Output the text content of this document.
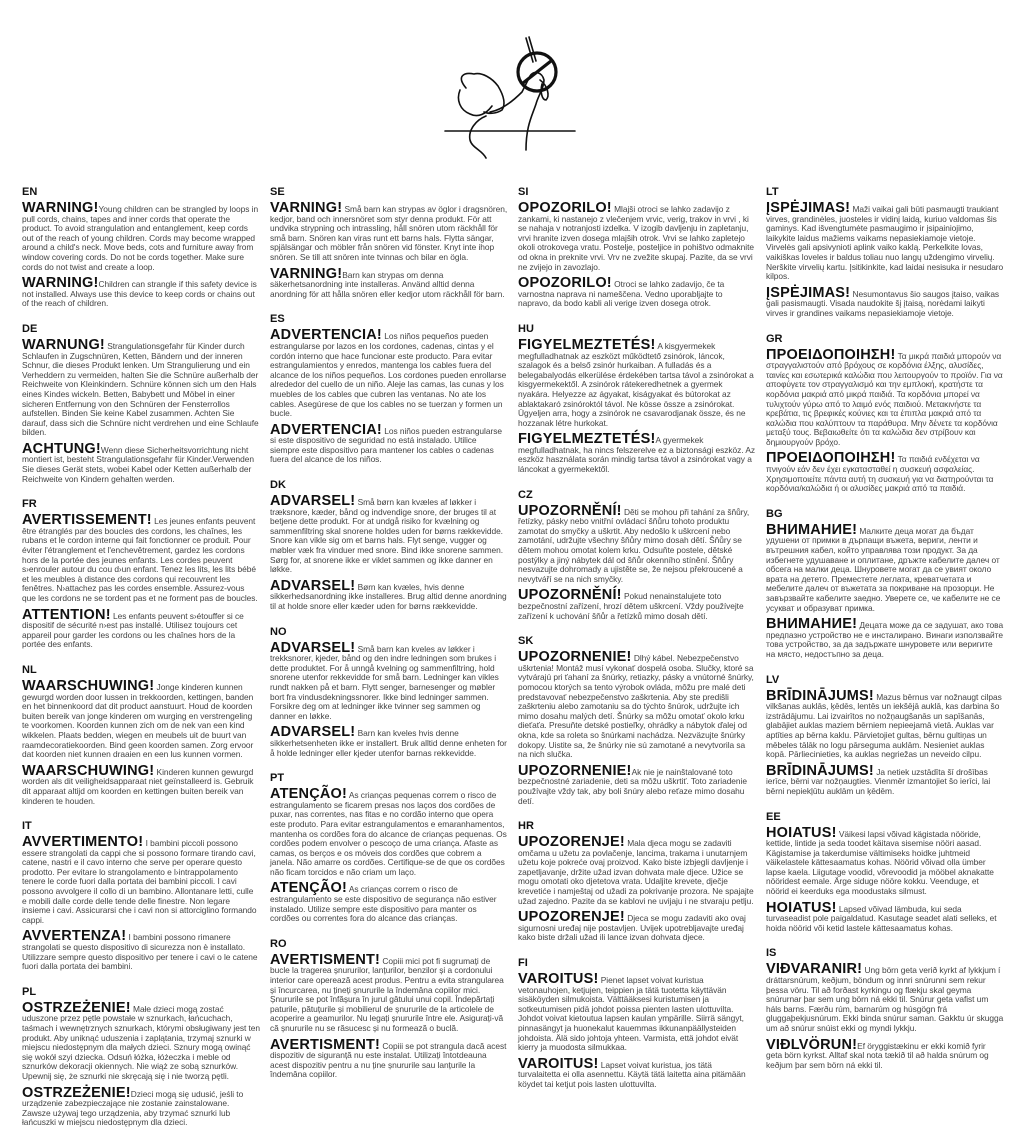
EN

WARNING!Young children can be strangled by loops in pull cords, chains, tapes and inner cords that operate the product. To avoid strangulation and entanglement, keep cords out of the reach of young children. Cords may become wrapped around a child's neck. Move beds, cots and furniture away from window covering cords. Do not be cords together. Make sure cords do not twist and create a loop.

WARNING!Children can strangle if this safety device is not installed. Always use this device to keep cords or chains out of the reach of children.

DE

WARNUNG! Strangulationsgefahr für Kinder durch Schlaufen in Zugschnüren, Ketten, Bändern und der inneren Schnur, die dieses Produkt lenken. Um Strangulierung und ein Verheddern zu vermeiden, halten Sie die Schnüre außerhalb der Reichweite von Kleinkindern. Schnüre können sich um den Hals eines Kindes wickeln. Betten, Babybett und Möbel in einer sicheren Entfernung von den Schnüren der Fensterrollos aufstellen. Binden Sie keine Kabel zusammen. Achten Sie darauf, dass sich die Schnüre nicht verdrehen und eine Schlaufe bilden.

ACHTUNG!Wenn diese Sicherheitsvorrichtung nicht montiert ist, besteht Strangulationsgefahr für Kinder.Verwenden Sie dieses Gerät stets, wobei Kabel oder Ketten außerhalb der Reichweite von Kindern gehalten werden.

FR

AVERTISSEMENT! Les jeunes enfants peuvent être étranglés par des boucles des cordons, les chaînes, les rubans et le cordon interne qui fait fonctionner ce produit. Pour éviter l'étranglement et l'enchevêtrement, gardez les cordons hors de la portée des jeunes enfants. Les cordes peuvent s›enrouler autour du cou d›un enfant. Tenez les lits, les lits bébé et les meubles à distance des cordons qui recouvrent les fenêtres. N›attachez pas les cordes ensemble. Assurez-vous que les cordons ne se tordent pas et ne forment pas de boucles.

ATTENTION! Les enfants peuvent s›étouffer si ce dispositif de sécurité n›est pas installé. Utilisez toujours cet appareil pour garder les cordons ou les chaînes hors de la portée des enfants.

NL

WAARSCHUWING! Jonge kinderen kunnen gewurgd worden door lussen in trekkoorden, kettingen, banden en het binnenkoord dat dit product aanstuurt. Houd de koorden buiten bereik van jonge kinderen om wurging en verstrengeling te voorkomen. Koorden kunnen zich om de nek van een kind wikkelen. Plaats bedden, wiegen en meubels uit de buurt van raamdecoratiekoorden. Bind geen koorden samen. Zorg ervoor dat koorden niet kunnen draaien en een lus kunnen vormen.

WAARSCHUWING! Kinderen kunnen gewurgd worden als dit veiligheidsapparaat niet geïnstalleerd is. Gebruik dit apparaat altijd om koorden en kettingen buiten bereik van kinderen te houden.

IT

AVVERTIMENTO! I bambini piccoli possono essere strangolati da cappi che si possono formare tirando cavi, catene, nastri e il cavo interno che serve per operare questo prodotto. Per evitare lo strangolamento e l›intrappolamento tenere le corde fuori dalla portata dei bambini piccoli. I cavi possono avvolgere il collo di un bambino. Allontanare letti, culle e mobili dalle corde delle tende delle finestre. Non legare insieme i cavi. Assicurarsi che i cavi non si attorciglino formando cappi.

AVVERTENZA! I bambini possono rimanere strangolati se questo dispositivo di sicurezza non è installato. Utilizzare sempre questo dispositivo per tenere i cavi o le catene fuori dalla portata dei bambini.

PL

OSTRZEŻENIE! Małe dzieci mogą zostać uduszone przez pętle powstałe w sznurkach, łańcuchach, taśmach i wewnętrznych sznurkach, którymi obsługiwany jest ten produkt. Aby uniknąć uduszenia i zaplątania, trzymaj sznurki w miejscu niedostępnym dla małych dzieci. Sznury mogą owinąć się wokół szyi dziecka. Odsuń łóżka, łóżeczka i meble od sznurków dekoracji okiennych. Nie wiąż ze sobą sznurków. Upewnij się, że sznurki nie skręcają się i nie tworzą pętli.

OSTRZEŻENIE!Dzieci mogą się udusić, jeśli to urządzenie zabezpieczające nie zostanie zainstalowane. Zawsze używaj tego urządzenia, aby trzymać sznurki lub łańcuszki w miejscu niedostępnym dla dzieci.

SE

VARNING! Små barn kan strypas av öglor i dragsnören, kedjor, band och innersnöret som styr denna produkt. För att undvika strypning och intrassling, håll snören utom räckhåll för små barn. Snören kan viras runt ett barns hals. Flytta sängar, spjälsängar och möbler från snören vid fönster. Knyt inte ihop snören. Se till att snören inte tvinnas och bilar en ögla.

VARNING!Barn kan strypas om denna säkerhetsanordning inte installeras. Använd alltid denna anordning för att hålla snören eller kedjor utom räckhåll för barn.

ES

ADVERTENCIA! Los niños pequeños pueden estrangularse por lazos en los cordones, cadenas, cintas y el cordón interno que hace funcionar este producto. Para evitar estrangulamientos y enredos, mantenga los cables fuera del alcance de los niños pequeños. Los cordones pueden enrollarse alrededor del cuello de un niño. Aleje las camas, las cunas y los muebles de los cables que cubren las ventanas. No ate los cables. Asegúrese de que los cables no se tuerzan y formen un bucle.

ADVERTENCIA! Los niños pueden estrangularse si este dispositivo de seguridad no está instalado. Utilice siempre este dispositivo para mantener los cables o cadenas fuera del alcance de los niños.

DK

ADVARSEL! Små børn kan kvæles af løkker i træksnore, kæder, bånd og indvendige snore, der bruges til at betjene dette produkt. For at undgå risiko for kvælning og sammenfiltring skal snorene holdes uden for børns rækkevidde. Snore kan vikle sig om et barns hals. Flyt senge, vugger og møbler væk fra vinduer med snore. Bind ikke snorene sammen. Sørg for, at snorene ikke er viklet sammen og ikke danner en løkke.

ADVARSEL! Børn kan kvæles, hvis denne sikkerhedsanordning ikke installeres. Brug altid denne anordning til at holde snore eller kæder uden for børns rækkevidde.

NO

ADVARSEL! Små barn kan kveles av løkker i trekksnorer, kjeder, bånd og den indre ledningen som brukes i dette produktet. For å unngå kvelning og sammenfiltring, hold snorene utenfor rekkevidde for små barn. Ledninger kan vikles rundt nakken på et barn. Flytt senger, barnesenger og møbler bort fra vindusdekningssnorer. Ikke bind ledninger sammen. Forsikre deg om at ledninger ikke tvinner seg sammen og danner en løkke.

ADVARSEL! Barn kan kveles hvis denne sikkerhetsenheten ikke er installert. Bruk alltid denne enheten for å holde ledninger eller kjeder utenfor barnas rekkevidde.

PT

ATENÇÃO! As crianças pequenas correm o risco de estrangulamento se ficarem presas nos laços dos cordões de puxar, nas correntes, nas fitas e no cordão interno que opera este produto. Para evitar estrangulamentos e emaranhamentos, mantenha os cordões fora do alcance de crianças pequenas. Os cordões podem envolver o pescoço de uma criança. Afaste as camas, os berços e os móveis dos cordões que cobrem a janela. Não amarre os cordões. Certifique-se de que os cordões não ficam torcidos e não criam um laço.

ATENÇÃO! As crianças correm o risco de estrangulamento se este dispositivo de segurança não estiver instalado. Utilize sempre este dispositivo para manter os cordões ou correntes fora do alcance das crianças.

RO

AVERTISMENT! Copiii mici pot fi sugrumați de bucle la tragerea șnururilor, lanțurilor, benzilor și a cordonului interior care operează acest produs. Pentru a evita strangularea și încurcarea, nu țineți șnururile la îndemâna copiilor mici. Șnururile se pot înfășura în jurul gâtului unui copil. Îndepărtați paturile, pătuțurile și mobilierul de șnururile de la articolele de acoperire a geamurilor. Nu legați șnururile între ele. Asigurați-vă că șnururile nu se răsucesc și nu formează o buclă.

AVERTISMENT! Copiii se pot strangula dacă acest dispozitiv de siguranță nu este instalat. Utilizați întotdeauna acest dispozitiv pentru a nu ține șnururile sau lanțurile la îndemâna copiilor.

SI

OPOZORILO! Mlajši otroci se lahko zadavijo z zankami, ki nastanejo z vlečenjem vrvic, verig, trakov in vrvi , ki se nahaja v notranjosti izdelka. V izogib davljenju in zapletanju, vrvi hranite izven dosega mlajših otrok. Vrvi se lahko zapletejo okoli otrokovega vratu. Postelje, posteljice in pohištvo odmaknite od okna in preknite vrvi. Vrv ne zvežite skupaj. Pazite, da se vrvi ne zvijejo in zavozlajo.

OPOZORILO! Otroci se lahko zadavijo, če ta varnostna naprava ni nameščena. Vedno uporabljajte to napravo, da bodo kabli ali verige izven dosega otrok.

HU

FIGYELMEZTETÉS! A kisgyermekek megfulladhatnak az eszközt működtető zsinórok, láncok, szalagok és a belső zsinór hurkaiban. A fulladás és a belegabalyodás elkerülése érdekében tartsa távol a zsinórokat a kisgyermekektől. A zsinórok rátekeredhetnek a gyermek nyakára. Helyezze az ágyakat, kiságyakat és bútorokat az ablaktakaró zsinóroktól távol. Ne kösse össze a zsinórokat. Ügyeljen arra, hogy a zsinórok ne csavarodjanak össze, és ne hozzanak létre hurkokat.

FIGYELMEZTETÉS!A gyermekek megfulladhatnak, ha nincs felszerelve ez a biztonsági eszköz. Az eszköz használata során mindig tartsa távol a zsinórokat vagy a láncokat a gyermekektől.

CZ

UPOZORNĚNÍ! Děti se mohou při tahání za šňůry, řetízky, pásky nebo vnitřní ovládací šňůru tohoto produktu zamotat do smyčky a uškrtit. Aby nedošlo k uškrcení nebo zamotání, udržujte všechny šňůry mimo dosah dětí. Šňůry se dětem mohou omotat kolem krku. Odsuňte postele, dětské postýlky a jiný nábytek dál od šňůr okenního stínění. Šňůry nesvazujte dohromady a ujistěte se, že nejsou překroucené a nevytváří se na nich smyčky.

UPOZORNĚNÍ! Pokud nenainstalujete toto bezpečnostní zařízení, hrozí dětem uškrcení. Vždy používejte zařízení k uchování šňůr a řetízků mimo dosah dětí.

SK

UPOZORNENIE! Dlhý kábel. Nebezpečenstvo uškrtenia! Montáž musí vykonať dospelá osoba. Slučky, ktoré sa vytvárajú pri ťahaní za šnúrky, retiazky, pásky a vnútorné šnúrky, pomocou ktorých sa tento výrobok ovláda, môžu pre malé deti predstavovať nebezpečenstvo zaškrtenia. Aby ste predišli zaškrteniu alebo zamotaniu sa do týchto šnúrok, udržujte ich mimo dosahu malých detí. Šnúrky sa môžu omotať okolo krku dieťaťa. Presuňte detské postieľky, ohrádky a nábytok ďalej od okna, kde sa roleta so šnúrkami nachádza. Nezväzujte šnúrky dokopy. Uistite sa, že šnúrky nie sú zamotané a nevytvorila sa na nich slučka.

UPOZORNENIE!Ak nie je nainštalované toto bezpečnostné zariadenie, deti sa môžu uškrtiť. Toto zariadenie používajte vždy tak, aby boli šnúry alebo reťaze mimo dosahu detí.

HR

UPOZORENJE! Mala djeca mogu se zadaviti omčama u užetu za povlačenje, lancima, trakama i unutarnjem užetu koje pokreće ovaj proizvod. Kako biste izbjegli davljenje i zapetljavanje, držite užad izvan dohvata male djece. Užice se mogu omotati oko djetetova vrata. Udaljite krevete, dječje krevetiće i namještaj od užadi za pokrivanje prozora. Ne spajajte užad zajedno. Pazite da se kablovi ne uvijaju i ne stvaraju petlju.

UPOZORENJE! Djeca se mogu zadaviti ako ovaj sigurnosni uređaj nije postavljen. Uvijek upotrebljavajte uređaj kako biste držali užad ili lance izvan dohvata djece.

FI

VAROITUS! Pienet lapset voivat kuristua vetonauhojen, ketjujen, teippien ja tätä tuotetta käyttävän sisäköyden silmukoista. Välttääksesi kuristumisen ja sotkeutumisen pidä johdot poissa pienten lasten ulottuvilta. Johdot voivat kietoutua lapsen kaulan ympärille. Siirrä sängyt, pinnasängyt ja huonekalut kauemmas ikkunanpäällysteiden johdoista. Älä sido johtoja yhteen. Varmista, että johdot eivät kierry ja muodosta silmukkaa.

VAROITUS! Lapset voivat kuristua, jos tätä turvalaitetta ei olla asennettu. Käytä tätä laitetta aina pitämään köydet tai ketjut pois lasten ulottuvilta.

LT

ĮSPĖJIMAS! Maži vaikai gali būti pasmaugti traukiant virves, grandinėles, juosteles ir vidinį laidą, kuriuo valdomas šis gaminys. Kad išvengtumėte pasmaugimo ir įsipainiojimo, laikykite laidus mažiems vaikams nepasiekiamoje vietoje. Virvelės gali apsivynioti aplink vaiko kaklą. Perkelkite lovas, vaikiškas loveles ir baldus toliau nuo langų uždengimo virvelių. Nerškite virvelių kartu. Įsitikinkite, kad laidai nesisuka ir nesudaro kilpos.

ĮSPĖJIMAS! Nesumontavus šio saugos įtaiso, vaikas gali pasismaugti. Visada naudokite šį įtaisą, norėdami laikyti virves ir grandines vaikams nepasiekiamoje vietoje.

GR

ΠΡΟΕΙΔΟΠΟΙΗΣΗ! Τα μικρά παιδιά μπορούν να στραγγαλιστούν από βρόχους σε κορδόνια έλξης, αλυσίδες, ταινίες και εσωτερικά καλώδια που λειτουργούν το προϊόν. Για να αποφύγετε τον στραγγαλισμό και την εμπλοκή, κρατήστε τα κορδόνια μακριά από μικρά παιδιά. Τα κορδόνια μπορεί να τυλιχτούν γύρω από το λαιμό ενός παιδιού. Μετακινήστε τα κρεβάτια, τις βρεφικές κούνιες και τα έπιπλα μακριά από τα καλώδια που καλύπτουν τα παράθυρα. Μην δένετε τα κορδόνια μεταξύ τους. Βεβαιωθείτε ότι τα καλώδια δεν στρίβουν και δημιουργούν βρόχο.

ΠΡΟΕΙΔΟΠΟΙΗΣΗ! Τα παιδιά ενδέχεται να πνιγούν εάν δεν έχει εγκατασταθεί η συσκευή ασφαλείας. Χρησιμοποιείτε πάντα αυτή τη συσκευή για να διατηρούνται τα κορδόνια/καλώδια ή οι αλυσίδες μακριά από τα παιδιά.

BG

ВНИМАНИЕ! Малките деца могат да бъдат удушени от примки в дърпащи въжета, вериги, ленти и вътрешния кабел, който управлява този продукт. За да избегнете удушаване и оплитане, дръжте кабелите далеч от обсега на малки деца. Шнуровете могат да се увият около врата на детето. Преместете леглата, креватчетата и мебелите далеч от въжетата за покриване на прозорци. Не завързвайте кабелите заедно. Уверете се, че кабелите не се усукват и образуват примка.

ВНИМАНИЕ! Децата може да се задушат, ако това предпазно устройство не е инсталирано. Винаги използвайте това устройство, за да задържате шнуровете или веригите на място, недостъпно за деца.

LV

BRĪDINĀJUMS! Mazus bērnus var nožnaugt cilpas vilkšanas auklās, ķēdēs, lentēs un iekšējā auklā, kas darbina šo izstrādājumu. Lai izvairītos no nožņaugšanās un sapīšanās, glabājiet auklas maziem bērniem nepieejamā vietā. Auklas var aptīties ap bērna kaklu. Pārvietojiet gultas, bērnu gultiņas un mēbeles tālāk no logu pārseguma auklām. Nesieniet auklas kopā. Pārliecinieties, ka auklas negriežas un neveido cilpu.

BRĪDINĀJUMS! Ja netiek uzstādīta šī drošības ierīce, bērni var nožņaugties. Vienmēr izmantojiet šo ierīci, lai bērni nepiekļūtu auklām un ķēdēm.

EE

HOIATUS! Väikesi lapsi võivad kägistada nööride, kettide, lintide ja seda toodet käitava sisemise nööri aasad. Kägistamise ja takerdumise vältimiseks hoidke juhtmeid väikelastele kättesaamatus kohas. Nöörid võivad olla ümber lapse kaela. Liigutage voodid, võrevoodid ja mööbel aknakatte nööridest eemale. Ärge siduge nööre kokku. Veenduge, et nöörid ei keerduks ega moodustaks silmust.

HOIATUS! Lapsed võivad lämbuda, kui seda turvaseadist pole paigaldatud. Kasutage seadet alati selleks, et hoida nöörid või ketid lastele kättesaamatus kohas.

IS

VIÐVARANIR! Ung börn geta verið kyrkt af lykkjum í dráttarsnúrum, keðjum, böndum og innri snúrunni sem rekur þessa vöru. Til að forðast kyrkingu og flækju skal geyma snúrurnar þar sem ung börn ná ekki til. Snúrur geta vafist um háls barns. Færðu rúm, barnarúm og húsgögn frá gluggaþekjusnúrum. Ekki binda snúrur saman. Gakktu úr skugga um að snúrur snúist ekki og myndi lykkju.

VIÐLVÖRUN!Ef öryggistækinu er ekki komið fyrir geta börn kyrkst. Alltaf skal nota tækið til að halda snúrum og keðjum þar sem börn ná ekki til.
